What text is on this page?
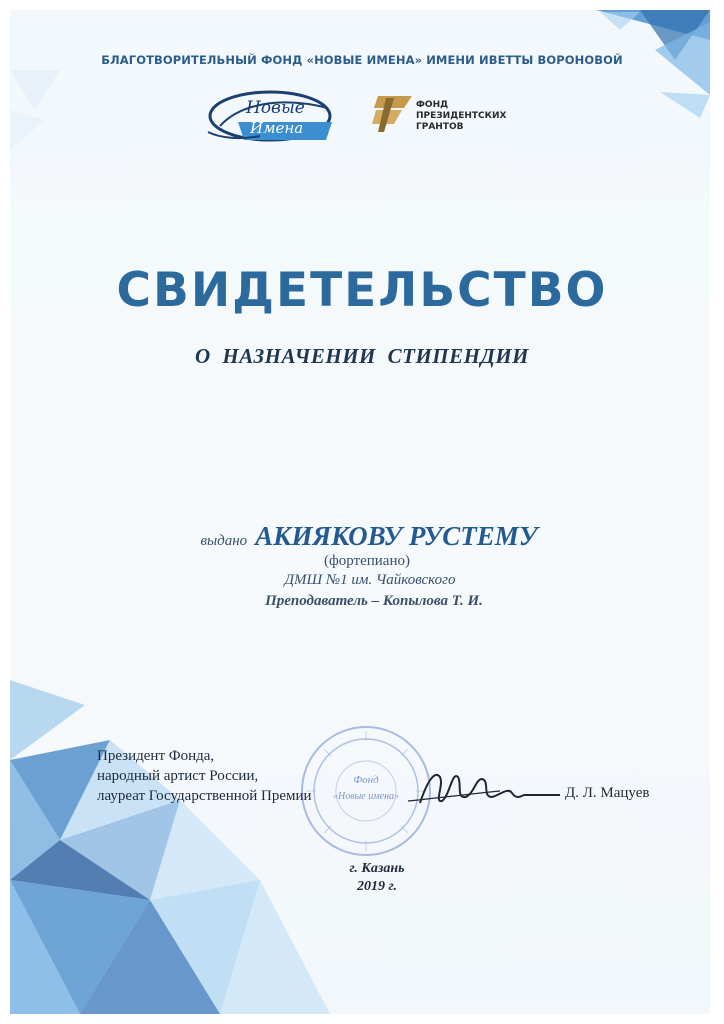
БЛАГОТВОРИТЕЛЬНЫЙ ФОНД «НОВЫЕ ИМЕНА» ИМЕНИ ИВЕТТЫ ВОРОНОВОЙ
Новые
Имена
ФОНД
ПРЕЗИДЕНТСКИХ
ГРАНТОВ
СВИДЕТЕЛЬСТВО
О НАЗНАЧЕНИИ СТИПЕНДИИ
выдано АКИЯКОВУ РУСТЕМУ
(фортепиано)
ДМШ №1 им. Чайковского
Преподаватель – Копылова Т. И.
Фонд
«Новые имена»
Президент Фонда,
народный артист России,
лауреат Государственной Премии	Д. Л. Мацуев
г. Казань
2019 г.
